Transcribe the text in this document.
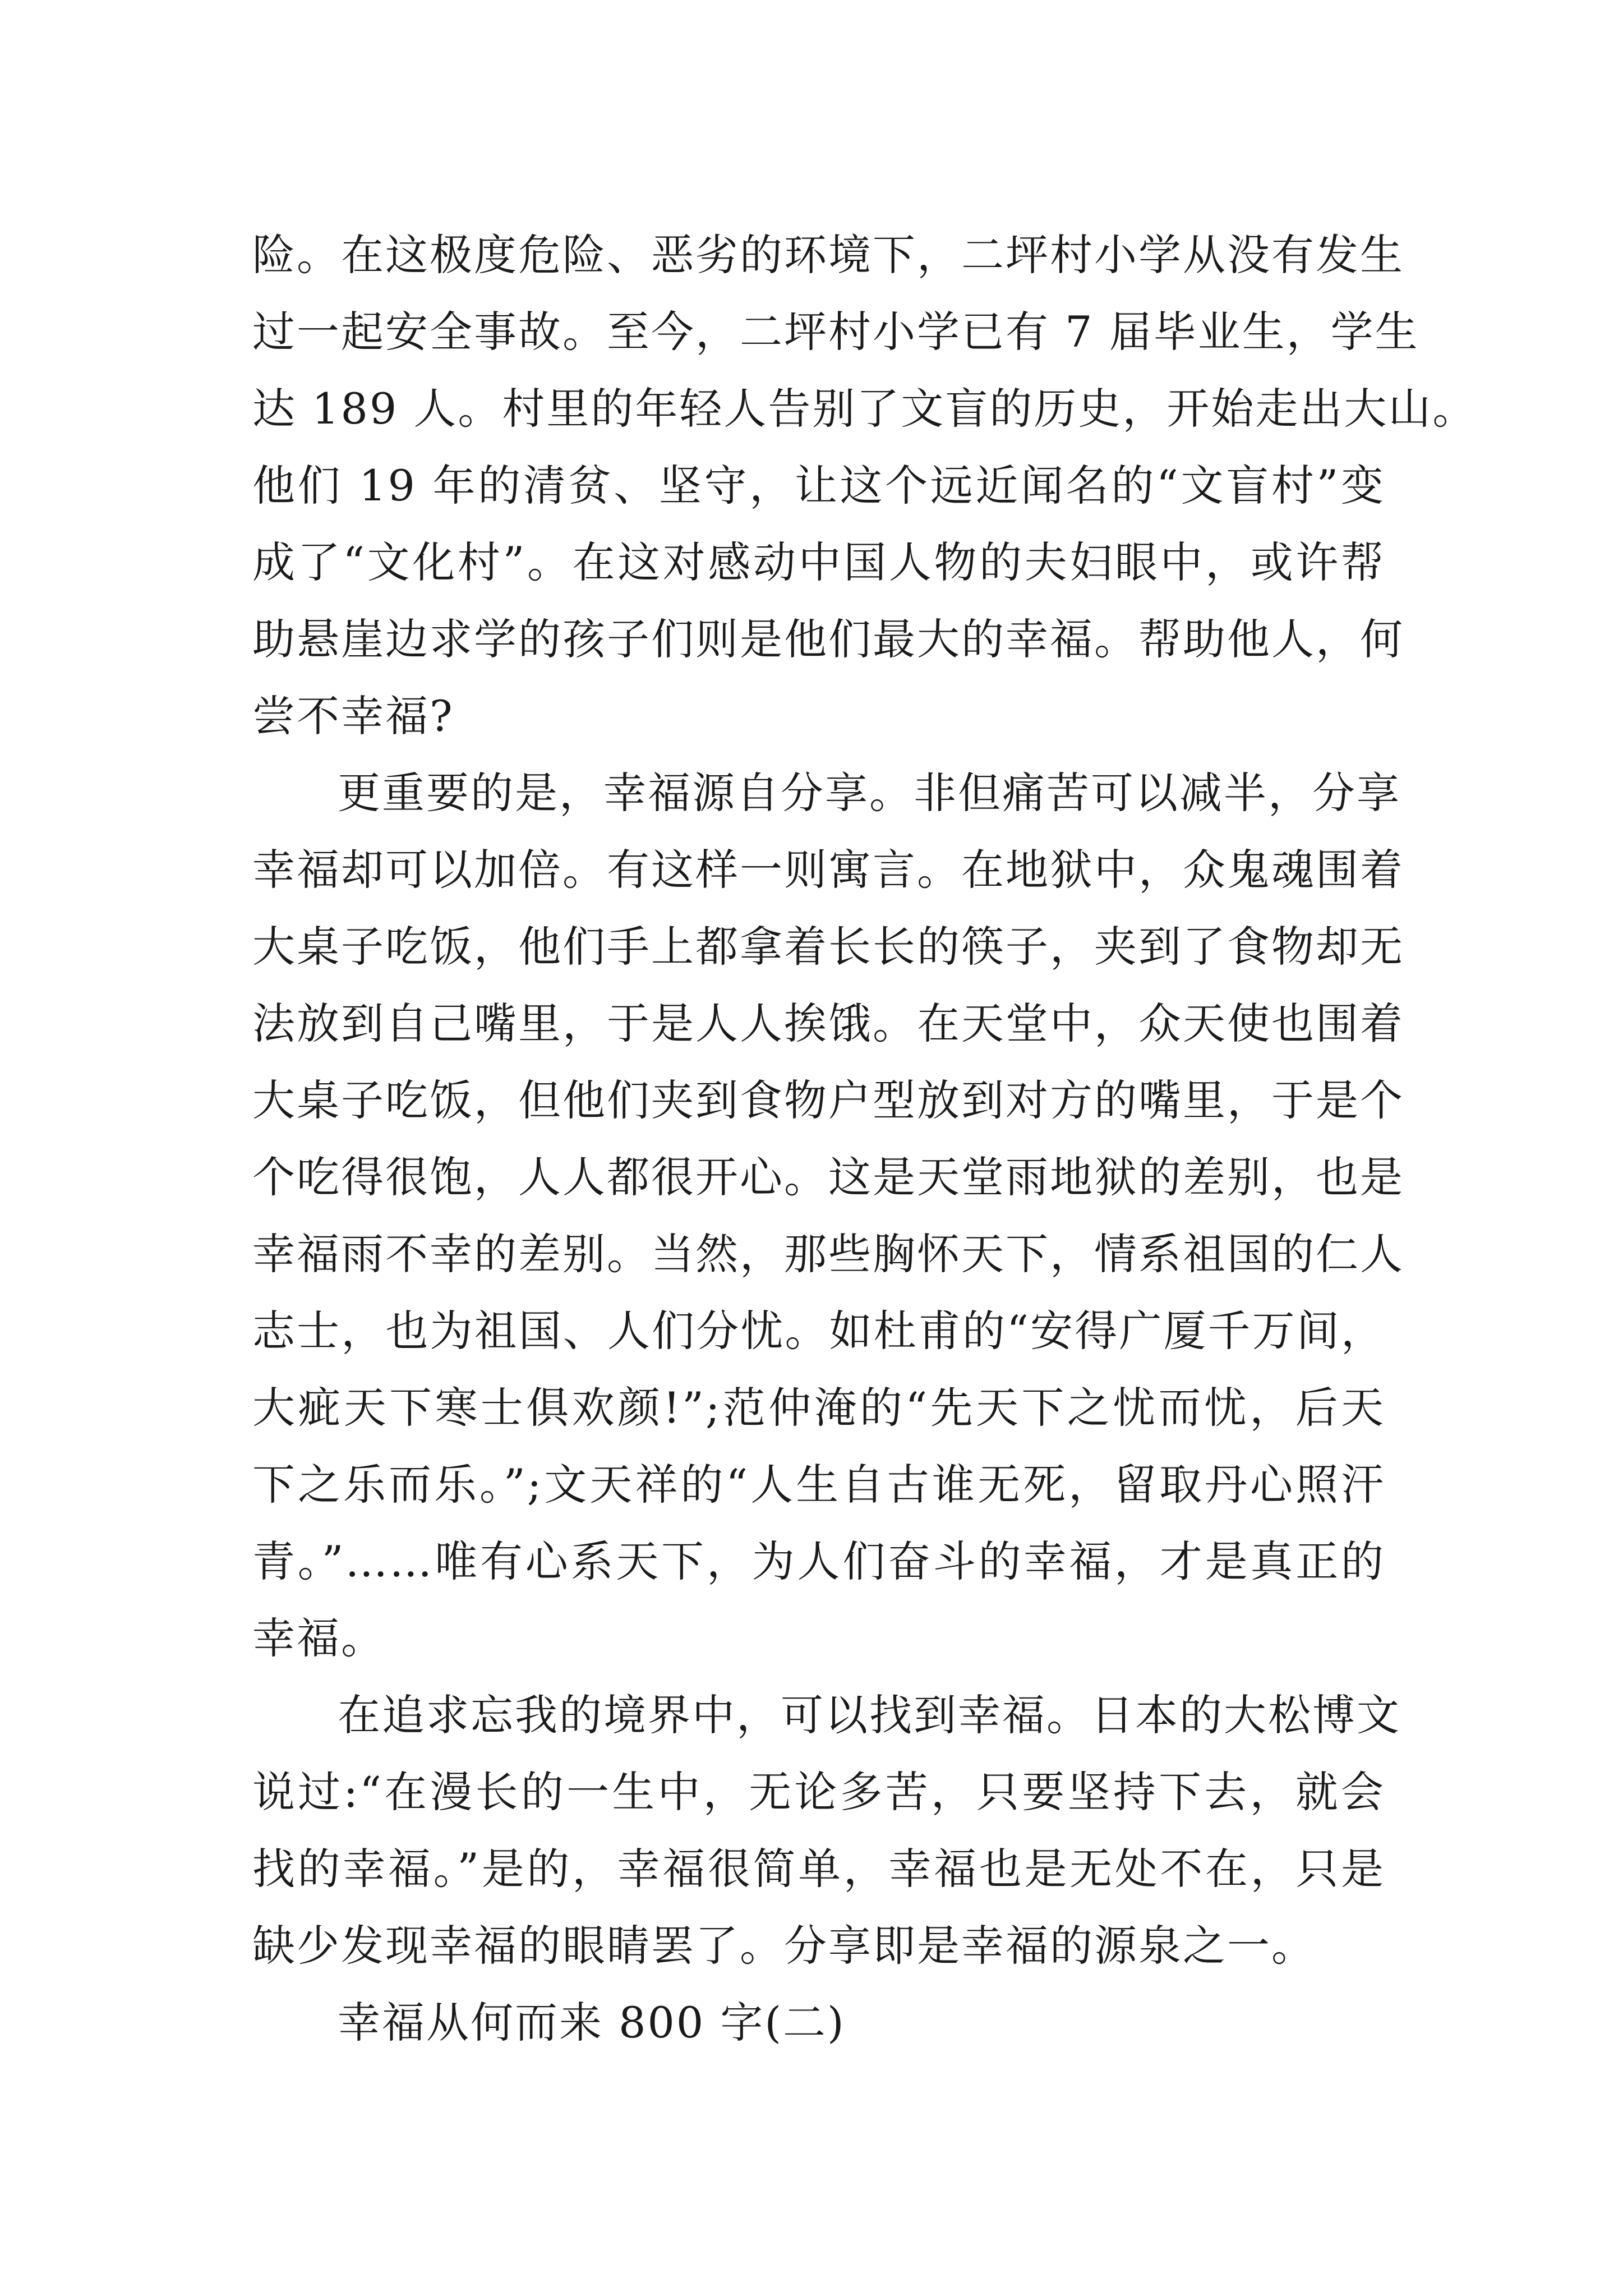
险。在这极度危险、恶劣的环境下，二坪村小学从没有发生
过一起安全事故。至今，二坪村小学已有 7 届毕业生，学生
达 189 人。村里的年轻人告别了文盲的历史，开始走出大山。
他们 19 年的清贫、坚守，让这个远近闻名的“文盲村”变
成了“文化村”。在这对感动中国人物的夫妇眼中，或许帮
助悬崖边求学的孩子们则是他们最大的幸福。帮助他人，何
尝不幸福?
更重要的是，幸福源自分享。非但痛苦可以减半，分享
幸福却可以加倍。有这样一则寓言。在地狱中，众鬼魂围着
大桌子吃饭，他们手上都拿着长长的筷子，夹到了食物却无
法放到自己嘴里，于是人人挨饿。在天堂中，众天使也围着
大桌子吃饭，但他们夹到食物户型放到对方的嘴里，于是个
个吃得很饱，人人都很开心。这是天堂雨地狱的差别，也是
幸福雨不幸的差别。当然，那些胸怀天下，情系祖国的仁人
志士，也为祖国、人们分忧。如杜甫的“安得广厦千万间，
大疵天下寒士俱欢颜!”;范仲淹的“先天下之忧而忧，后天
下之乐而乐。”;文天祥的“人生自古谁无死，留取丹心照汗
青。”……唯有心系天下，为人们奋斗的幸福，才是真正的
幸福。
在追求忘我的境界中，可以找到幸福。日本的大松博文
说过:“在漫长的一生中，无论多苦，只要坚持下去，就会
找的幸福。”是的，幸福很简单，幸福也是无处不在，只是
缺少发现幸福的眼睛罢了。分享即是幸福的源泉之一。
幸福从何而来 800 字(二)
